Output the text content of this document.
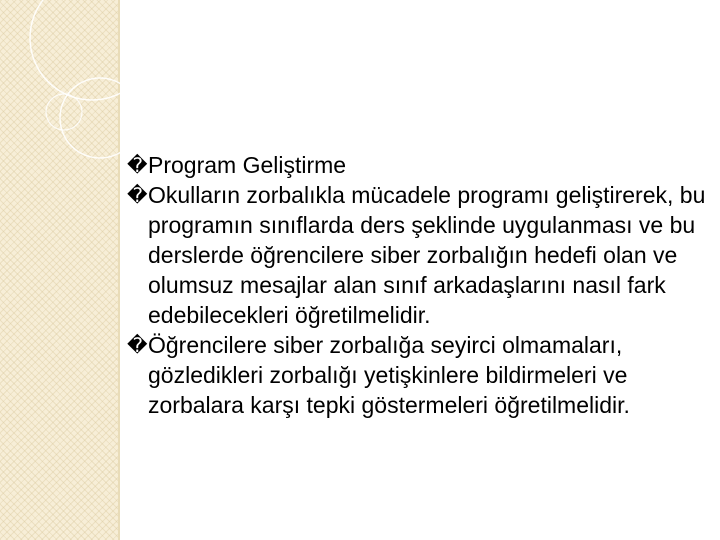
� Program Geliştirme

� Okulların zorbalıkla mücadele programı geliştirerek, bu programın sınıflarda ders şeklinde uygulanması ve bu derslerde öğrencilere siber zorbalığın hedefi olan ve olumsuz mesajlar alan sınıf arkadaşlarını nasıl fark edebilecekleri öğretilmelidir.

� Öğrencilere siber zorbalığa seyirci olmamaları, gözledikleri zorbalığı yetişkinlere bildirmeleri ve zorbalara karşı tepki göstermeleri öğretilmelidir.
